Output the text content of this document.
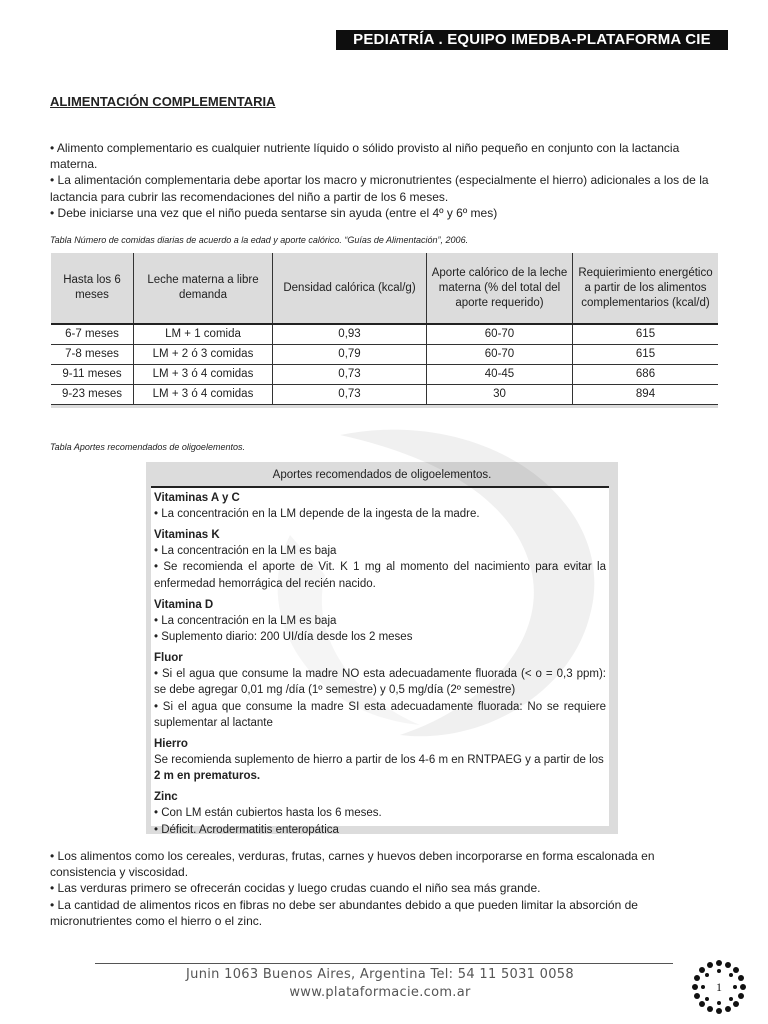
PEDIATRÍA . EQUIPO IMEDBA-PLATAFORMA CIE
ALIMENTACIÓN COMPLEMENTARIA

• Alimento complementario es cualquier nutriente líquido o sólido provisto al niño pequeño en conjunto con la lactancia materna.

• La alimentación complementaria debe aportar los macro y micronutrientes (especialmente el hierro) adicionales a los de la lactancia para cubrir las recomendaciones del niño a partir de los 6 meses.

• Debe iniciarse una vez que el niño pueda sentarse sin ayuda (entre el 4º y 6º mes)

Tabla Número de comidas diarias de acuerdo a la edad y aporte calórico. “Guías de Alimentación”, 2006.

Hasta los 6 meses	Leche materna a libre demanda	Densidad calórica (kcal/g)	Aporte calórico de la leche materna (% del total del aporte requerido)	Requierimiento energético a partir de los alimentos complementarios (kcal/d)
6-7 meses	LM + 1 comida	0,93	60-70	615
7-8 meses	LM + 2 ó 3 comidas	0,79	60-70	615
9-11 meses	LM + 3 ó 4 comidas	0,73	40-45	686
9-23 meses	LM + 3 ó 4 comidas	0,73	30	894

Tabla Aportes recomendados de oligoelementos.

Aportes recomendados de oligoelementos.

Vitaminas A y C

• La concentración en la LM depende de la ingesta de la madre.

Vitaminas K

• La concentración en la LM es baja

• Se recomienda el aporte de Vit. K 1 mg al momento del nacimiento para evitar la enfermedad hemorrágica del recién nacido.

Vitamina D

• La concentración en la LM es baja

• Suplemento diario: 200 UI/día desde los 2 meses

Fluor

• Si el agua que consume la madre NO esta adecuadamente fluorada (< o = 0,3 ppm): se debe agregar 0,01 mg /día (1º semestre) y 0,5 mg/día (2º semestre)

• Si el agua que consume la madre SI esta adecuadamente fluorada: No se requiere suplementar al lactante

Hierro

Se recomienda suplemento de hierro a partir de los 4-6 m en RNTPAEG y a partir de los

2 m en prematuros.

Zinc

• Con LM están cubiertos hasta los 6 meses.

• Déficit. Acrodermatitis enteropática

• Los alimentos como los cereales, verduras, frutas, carnes y huevos deben incorporarse en forma escalonada en consistencia y viscosidad.

• Las verduras primero se ofrecerán cocidas y luego crudas cuando el niño sea más grande.

• La cantidad de alimentos ricos en fibras no debe ser abundantes debido a que pueden limitar la absorción de micronutrientes como el hierro o el zinc.

Junin 1063 Buenos Aires, Argentina Tel: 54 11 5031 0058
www.plataformacie.com.ar	1
